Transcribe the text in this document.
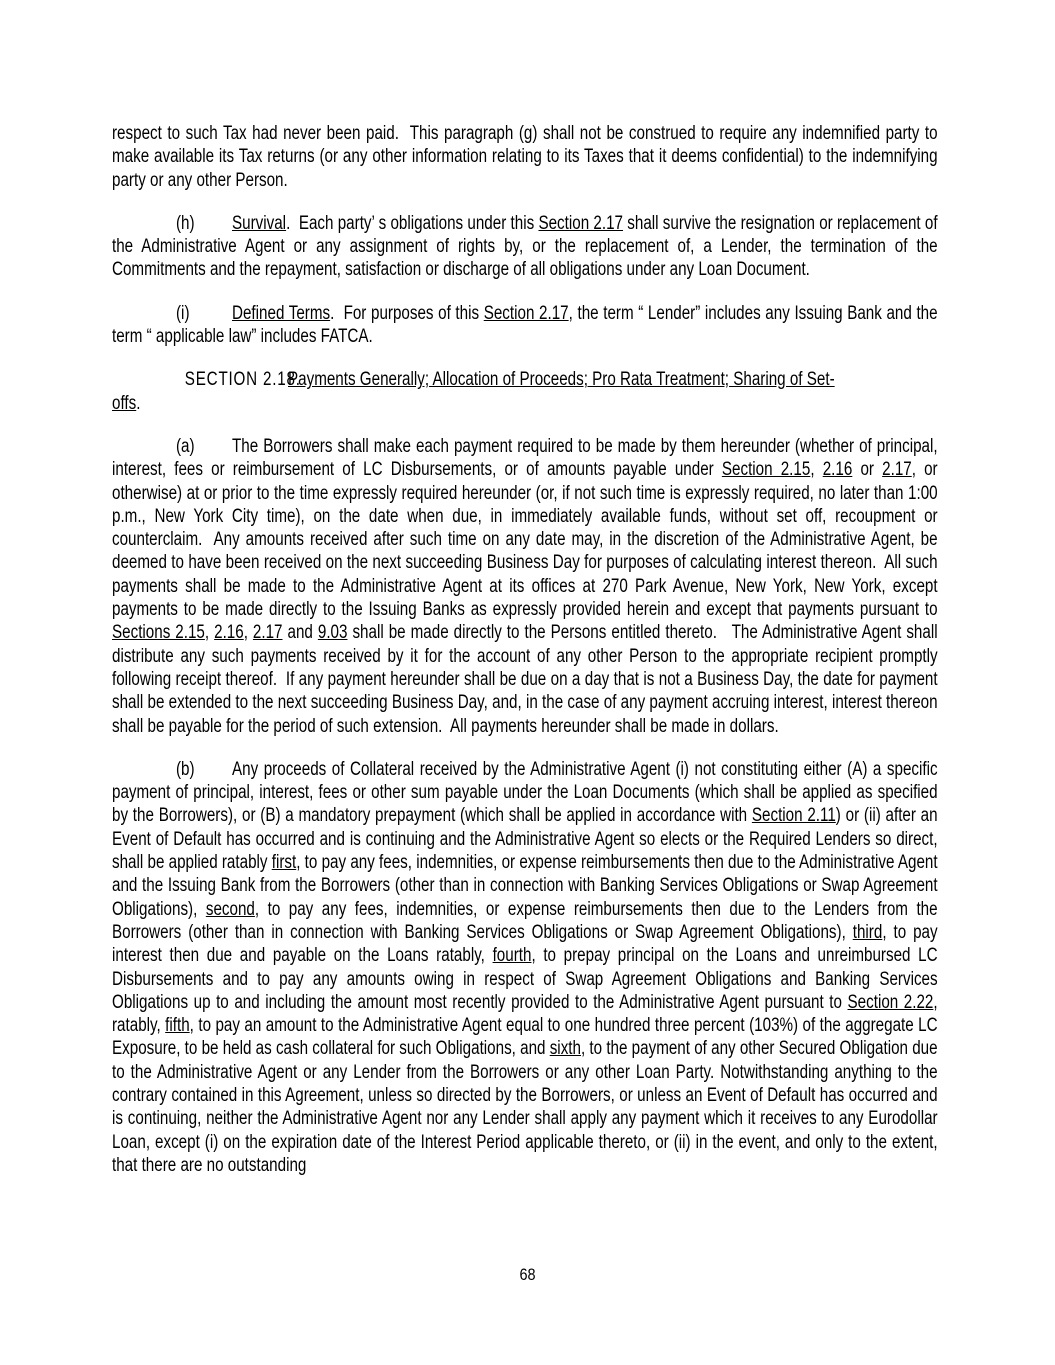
respect to such Tax had never been paid.  This paragraph (g) shall not be construed to require any indemnified party to make available its Tax returns (or any other information relating to its Taxes that it deems confidential) to the indemnifying party or any other Person.

(h) Survival.  Each party’ s obligations under this Section 2.17 shall survive the resignation or replacement of the Administrative Agent or any assignment of rights by, or the replacement of, a Lender, the termination of the Commitments and the repayment, satisfaction or discharge of all obligations under any Loan Document.

(i) Defined Terms.  For purposes of this Section 2.17, the term “ Lender” includes any Issuing Bank and the term “ applicable law” includes FATCA.

SECTION 2.18.Payments Generally; Allocation of Proceeds; Pro Rata Treatment; Sharing of Set-
offs.

(a) The Borrowers shall make each payment required to be made by them hereunder (whether of principal, interest, fees or reimbursement of LC Disbursements, or of amounts payable under Section 2.15, 2.16 or 2.17, or otherwise) at or prior to the time expressly required hereunder (or, if not such time is expressly required, no later than 1:00 p.m., New York City time), on the date when due, in immediately available funds, without set off, recoupment or counterclaim.  Any amounts received after such time on any date may, in the discretion of the Administrative Agent, be deemed to have been received on the next succeeding Business Day for purposes of calculating interest thereon.  All such payments shall be made to the Administrative Agent at its offices at 270 Park Avenue, New York, New York, except payments to be made directly to the Issuing Banks as expressly provided herein and except that payments pursuant to Sections 2.15, 2.16, 2.17 and 9.03 shall be made directly to the Persons entitled thereto.   The Administrative Agent shall distribute any such payments received by it for the account of any other Person to the appropriate recipient promptly following receipt thereof.  If any payment hereunder shall be due on a day that is not a Business Day, the date for payment shall be extended to the next succeeding Business Day, and, in the case of any payment accruing interest, interest thereon shall be payable for the period of such extension.  All payments hereunder shall be made in dollars.

(b) Any proceeds of Collateral received by the Administrative Agent (i) not constituting either (A) a specific payment of principal, interest, fees or other sum payable under the Loan Documents (which shall be applied as specified by the Borrowers), or (B) a mandatory prepayment (which shall be applied in accordance with Section 2.11) or (ii) after an Event of Default has occurred and is continuing and the Administrative Agent so elects or the Required Lenders so direct, shall be applied ratably first, to pay any fees, indemnities, or expense reimbursements then due to the Administrative Agent and the Issuing Bank from the Borrowers (other than in connection with Banking Services Obligations or Swap Agreement Obligations), second, to pay any fees, indemnities, or expense reimbursements then due to the Lenders from the Borrowers (other than in connection with Banking Services Obligations or Swap Agreement Obligations), third, to pay interest then due and payable on the Loans ratably, fourth, to prepay principal on the Loans and unreimbursed LC Disbursements and to pay any amounts owing in respect of Swap Agreement Obligations and Banking Services Obligations up to and including the amount most recently provided to the Administrative Agent pursuant to Section 2.22, ratably, fifth, to pay an amount to the Administrative Agent equal to one hundred three percent (103%) of the aggregate LC Exposure, to be held as cash collateral for such Obligations, and sixth, to the payment of any other Secured Obligation due to the Administrative Agent or any Lender from the Borrowers or any other Loan Party. Notwithstanding anything to the contrary contained in this Agreement, unless so directed by the Borrowers, or unless an Event of Default has occurred and is continuing, neither the Administrative Agent nor any Lender shall apply any payment which it receives to any Eurodollar Loan, except (i) on the expiration date of the Interest Period applicable thereto, or (ii) in the event, and only to the extent, that there are no outstanding

68
